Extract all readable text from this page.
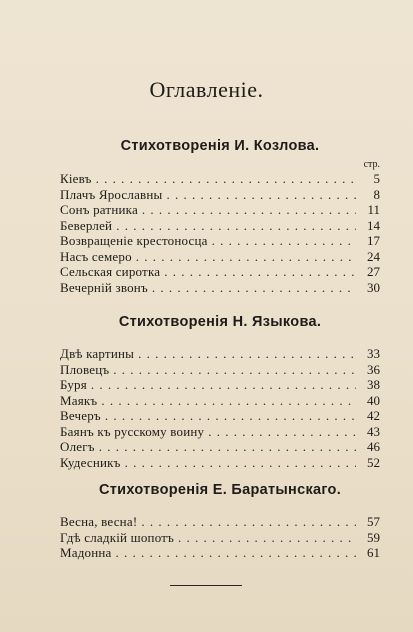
Оглавленіе.
Стихотворенія И. Козлова.
стр.
Кіевъ . . .	5
Плачъ Ярославны . . .	8
Сонъ ратника . . .	11
Беверлей . . .	14
Возвращеніе крестоносца . . .	17
Насъ семеро . . .	24
Сельская сиротка . . .	27
Вечерній звонъ . . .	30
Стихотворенія Н. Языкова.
Двѣ картины . . .	33
Пловецъ . . .	36
Буря . . .	38
Маякъ . . .	40
Вечеръ . . .	42
Баянъ къ русскому воину . . .	43
Олегъ . . .	46
Кудесникъ . . .	52
Стихотворенія Е. Баратынскаго.
Весна, весна! . . .	57
Гдѣ сладкій шопотъ . . .	59
Мадонна . . .	61
